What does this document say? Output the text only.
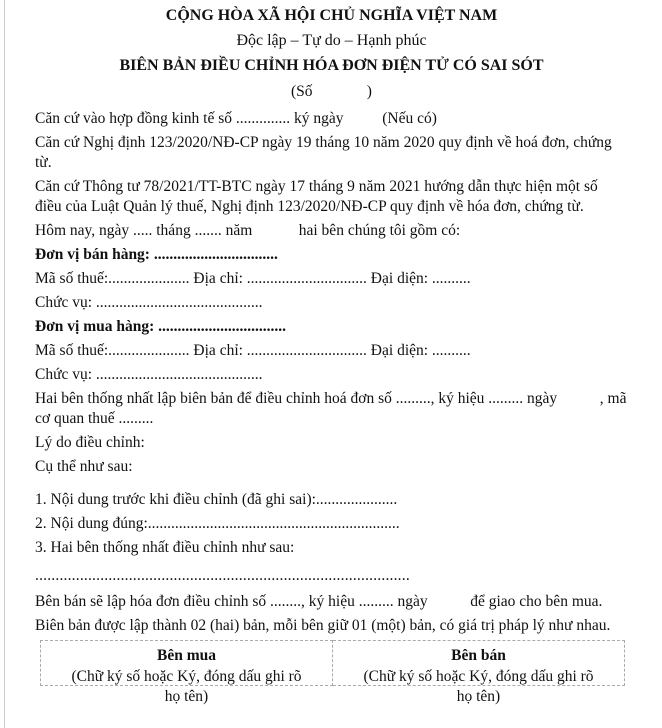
CỘNG HÒA XÃ HỘI CHỦ NGHĨA VIỆT NAM

Độc lập – Tự do – Hạnh phúc

BIÊN BẢN ĐIỀU CHỈNH HÓA ĐƠN ĐIỆN TỬ CÓ SAI SÓT

(Số              )

Căn cứ vào hợp đồng kinh tế số .............. ký ngày          (Nếu có)

Căn cứ Nghị định 123/2020/NĐ-CP ngày 19 tháng 10 năm 2020 quy định về hoá đơn, chứng từ.

Căn cứ Thông tư 78/2021/TT-BTC ngày 17 tháng 9 năm 2021 hướng dẫn thực hiện một số điều của Luật Quản lý thuế, Nghị định 123/2020/NĐ-CP quy định về hóa đơn, chứng từ.

Hôm nay, ngày ..... tháng ....... năm            hai bên chúng tôi gồm có:

Đơn vị bán hàng: ................................

Mã số thuế:..................... Địa chỉ: ............................... Đại diện: ..........

Chức vụ: ...........................................

Đơn vị mua hàng: .................................

Mã số thuế:..................... Địa chỉ: ............................... Đại diện: ..........

Chức vụ: ...........................................

Hai bên thống nhất lập biên bản để điều chỉnh hoá đơn số ........., ký hiệu ......... ngày           , mã cơ quan thuế .........

Lý do điều chỉnh:

Cụ thể như sau:

1. Nội dung trước khi điều chỉnh (đã ghi sai):.....................

2. Nội dung đúng:.................................................................

3. Hai bên thống nhất điều chỉnh như sau:

............................................................................................

Bên bán sẽ lập hóa đơn điều chỉnh số ........, ký hiệu ......... ngày           để giao cho bên mua.

Biên bản được lập thành 02 (hai) bản, mỗi bên giữ 01 (một) bản, có giá trị pháp lý như nhau.

Bên mua

(Chữ ký số hoặc Ký, đóng dấu ghi rõ họ tên)

Bên bán

(Chữ ký số hoặc Ký, đóng dấu ghi rõ họ tên)
